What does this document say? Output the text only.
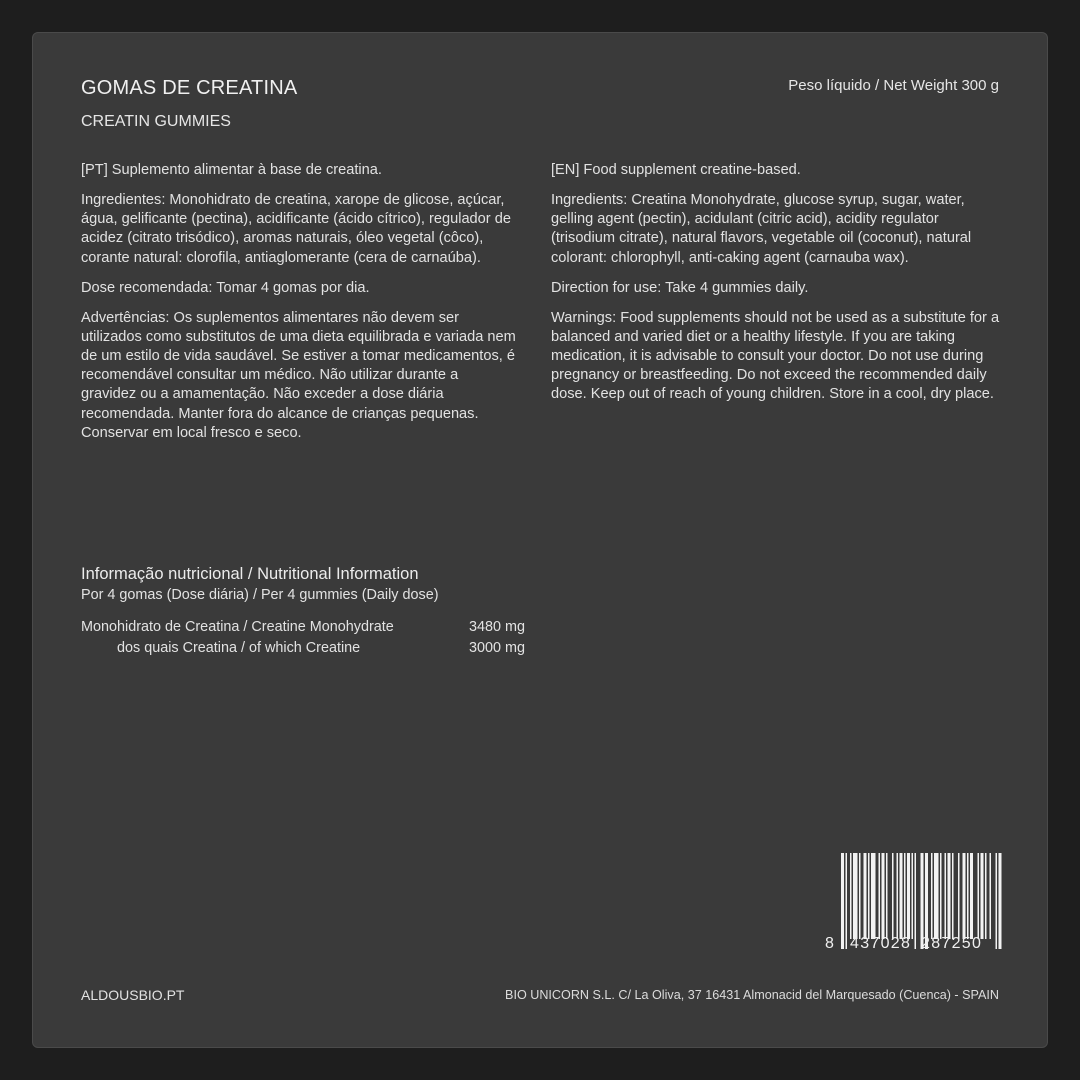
GOMAS DE CREATINA
CREATIN GUMMIES
Peso líquido / Net Weight 300 g

[PT] Suplemento alimentar à base de creatina.

Ingredientes: Monohidrato de creatina, xarope de glicose, açúcar, água, gelificante (pectina), acidificante (ácido cítrico), regulador de acidez (citrato trisódico), aromas naturais, óleo vegetal (côco), corante natural: clorofila, antiaglomerante (cera de carnaúba).

Dose recomendada: Tomar 4 gomas por dia.

Advertências: Os suplementos alimentares não devem ser utilizados como substitutos de uma dieta equilibrada e variada nem de um estilo de vida saudável. Se estiver a tomar medicamentos, é recomendável consultar um médico. Não utilizar durante a gravidez ou a amamentação. Não exceder a dose diária recomendada. Manter fora do alcance de crianças pequenas. Conservar em local fresco e seco.

[EN] Food supplement creatine-based.

Ingredients: Creatina Monohydrate, glucose syrup, sugar, water, gelling agent (pectin), acidulant (citric acid), acidity regulator (trisodium citrate), natural flavors, vegetable oil (coconut), natural colorant: chlorophyll, anti-caking agent (carnauba wax).

Direction for use: Take 4 gummies daily.

Warnings: Food supplements should not be used as a substitute for a balanced and varied diet or a healthy lifestyle. If you are taking medication, it is advisable to consult your doctor. Do not use during pregnancy or breastfeeding. Do not exceed the recommended daily dose. Keep out of reach of young children. Store in a cool, dry place.

Informação nutricional / Nutritional Information

Por 4 gomas (Dose diária) / Per 4 gummies (Daily dose)

Monohidrato de Creatina / Creatine Monohydrate	3480 mg
dos quais Creatina / of which Creatine	3000 mg
8 437028 287250
ALDOUSBIO.PT	BIO UNICORN S.L. C/ La Oliva, 37 16431 Almonacid del Marquesado (Cuenca) - SPAIN
